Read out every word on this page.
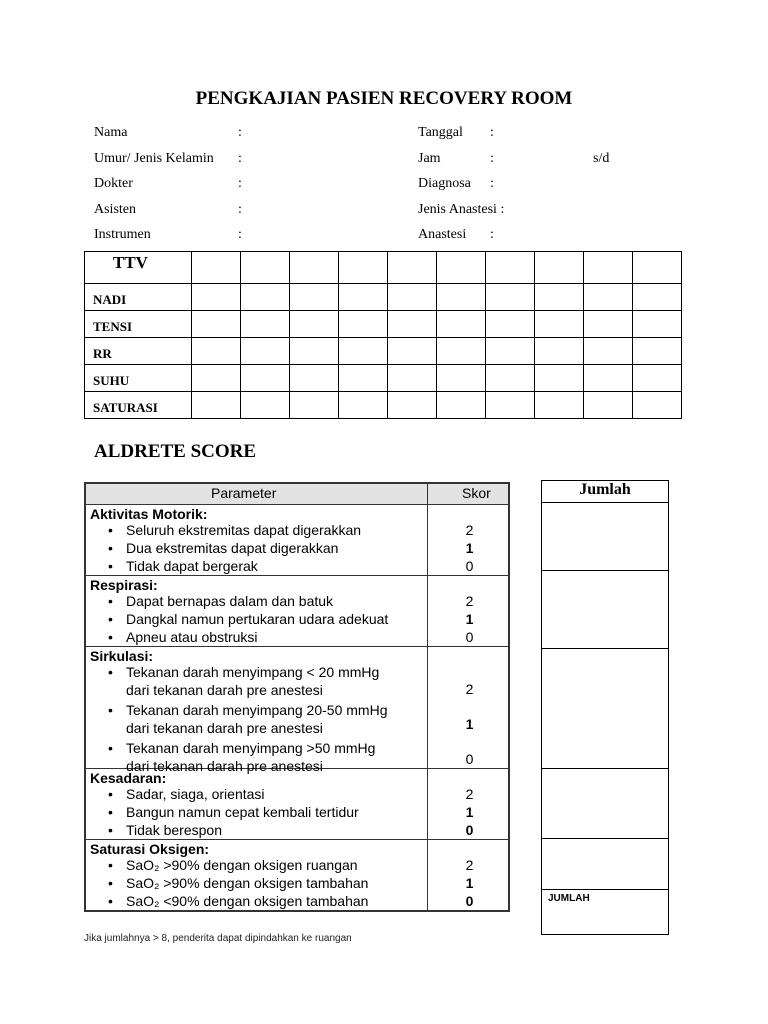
PENGKAJIAN PASIEN RECOVERY ROOM
Nama	:	Tanggal :
Umur/ Jenis Kelamin :	Jam	:	s/d
Dokter	:	Diagnosa :
Asisten	:	Jenis Anastesi :
Instrumen	:	Anastesi :
TTV										
NADI										
TENSI										
RR										
SUHU										
SATURASI										
ALDRETE SCORE
Parameter	Skor
Aktivitas Motorik:
• Seluruh ekstremitas dapat digerakkan	2
• Dua ekstremitas dapat digerakkan	1
• Tidak dapat bergerak	0
Respirasi:
• Dapat bernapas dalam dan batuk	2
• Dangkal namun pertukaran udara adekuat	1
• Apneu atau obstruksi	0
Sirkulasi:
• Tekanan darah menyimpang < 20 mmHg
dari tekanan darah pre anestesi	2
• Tekanan darah menyimpang 20-50 mmHg
dari tekanan darah pre anestesi	1
• Tekanan darah menyimpang >50 mmHg
dari tekanan darah pre anestesi	0
Kesadaran:
• Sadar, siaga, orientasi	2
• Bangun namun cepat kembali tertidur	1
• Tidak berespon	0
Saturasi Oksigen:
• SaO₂ >90% dengan oksigen ruangan	2
• SaO₂ >90% dengan oksigen tambahan	1
• SaO₂ <90% dengan oksigen tambahan	0
Jumlah
JUMLAH
Jika jumlahnya > 8, penderita dapat dipindahkan ke ruangan
